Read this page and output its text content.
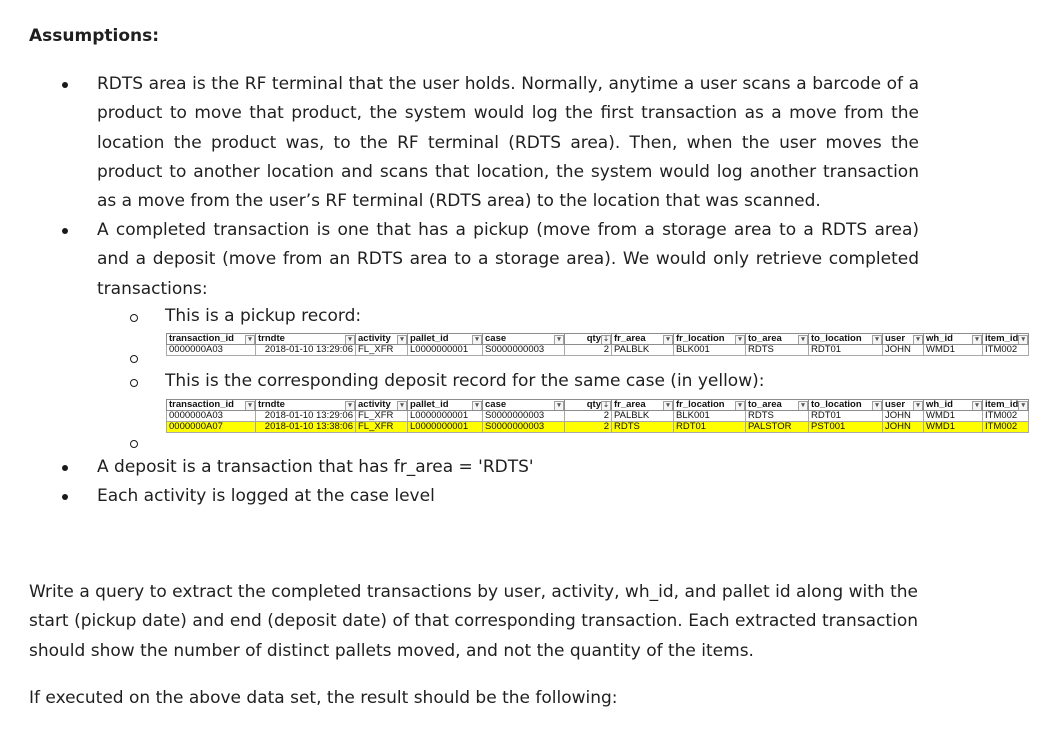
Assumptions:
RDTS area is the RF terminal that the user holds. Normally, anytime a user scans a barcode of a product to move that product, the system would log the first transaction as a move from the location the product was, to the RF terminal (RDTS area). Then, when the user moves the product to another location and scans that location, the system would log another transaction as a move from the user’s RF terminal (RDTS area) to the location that was scanned.
A completed transaction is one that has a pickup (move from a storage area to a RDTS area) and a deposit (move from an RDTS area to a storage area). We would only retrieve completed transactions:
This is a pickup record:
transaction_id ▾	trndte ▾	activity ▾	pallet_id ▾	case ▾	qty ⇣	fr_area ▾	fr_location ▾	to_area ▾	to_location ▾	user ▾	wh_id ▾	item_id ▾
0000000A03	2018-01-10 13:29:06	FL_XFR	L0000000001	S0000000003	2	PALBLK	BLK001	RDTS	RDT01	JOHN	WMD1	ITM002
This is the corresponding deposit record for the same case (in yellow):
transaction_id ▾	trndte ▾	activity ▾	pallet_id ▾	case ▾	qty ⇣	fr_area ▾	fr_location ▾	to_area ▾	to_location ▾	user ▾	wh_id ▾	item_id ▾
0000000A03	2018-01-10 13:29:06	FL_XFR	L0000000001	S0000000003	2	PALBLK	BLK001	RDTS	RDT01	JOHN	WMD1	ITM002
0000000A07	2018-01-10 13:38:06	FL_XFR	L0000000001	S0000000003	2	RDTS	RDT01	PALSTOR	PST001	JOHN	WMD1	ITM002
A deposit is a transaction that has fr_area = 'RDTS'
Each activity is logged at the case level
Write a query to extract the completed transactions by user, activity, wh_id, and pallet id along with the start (pickup date) and end (deposit date) of that corresponding transaction. Each extracted transaction should show the number of distinct pallets moved, and not the quantity of the items.
If executed on the above data set, the result should be the following:
